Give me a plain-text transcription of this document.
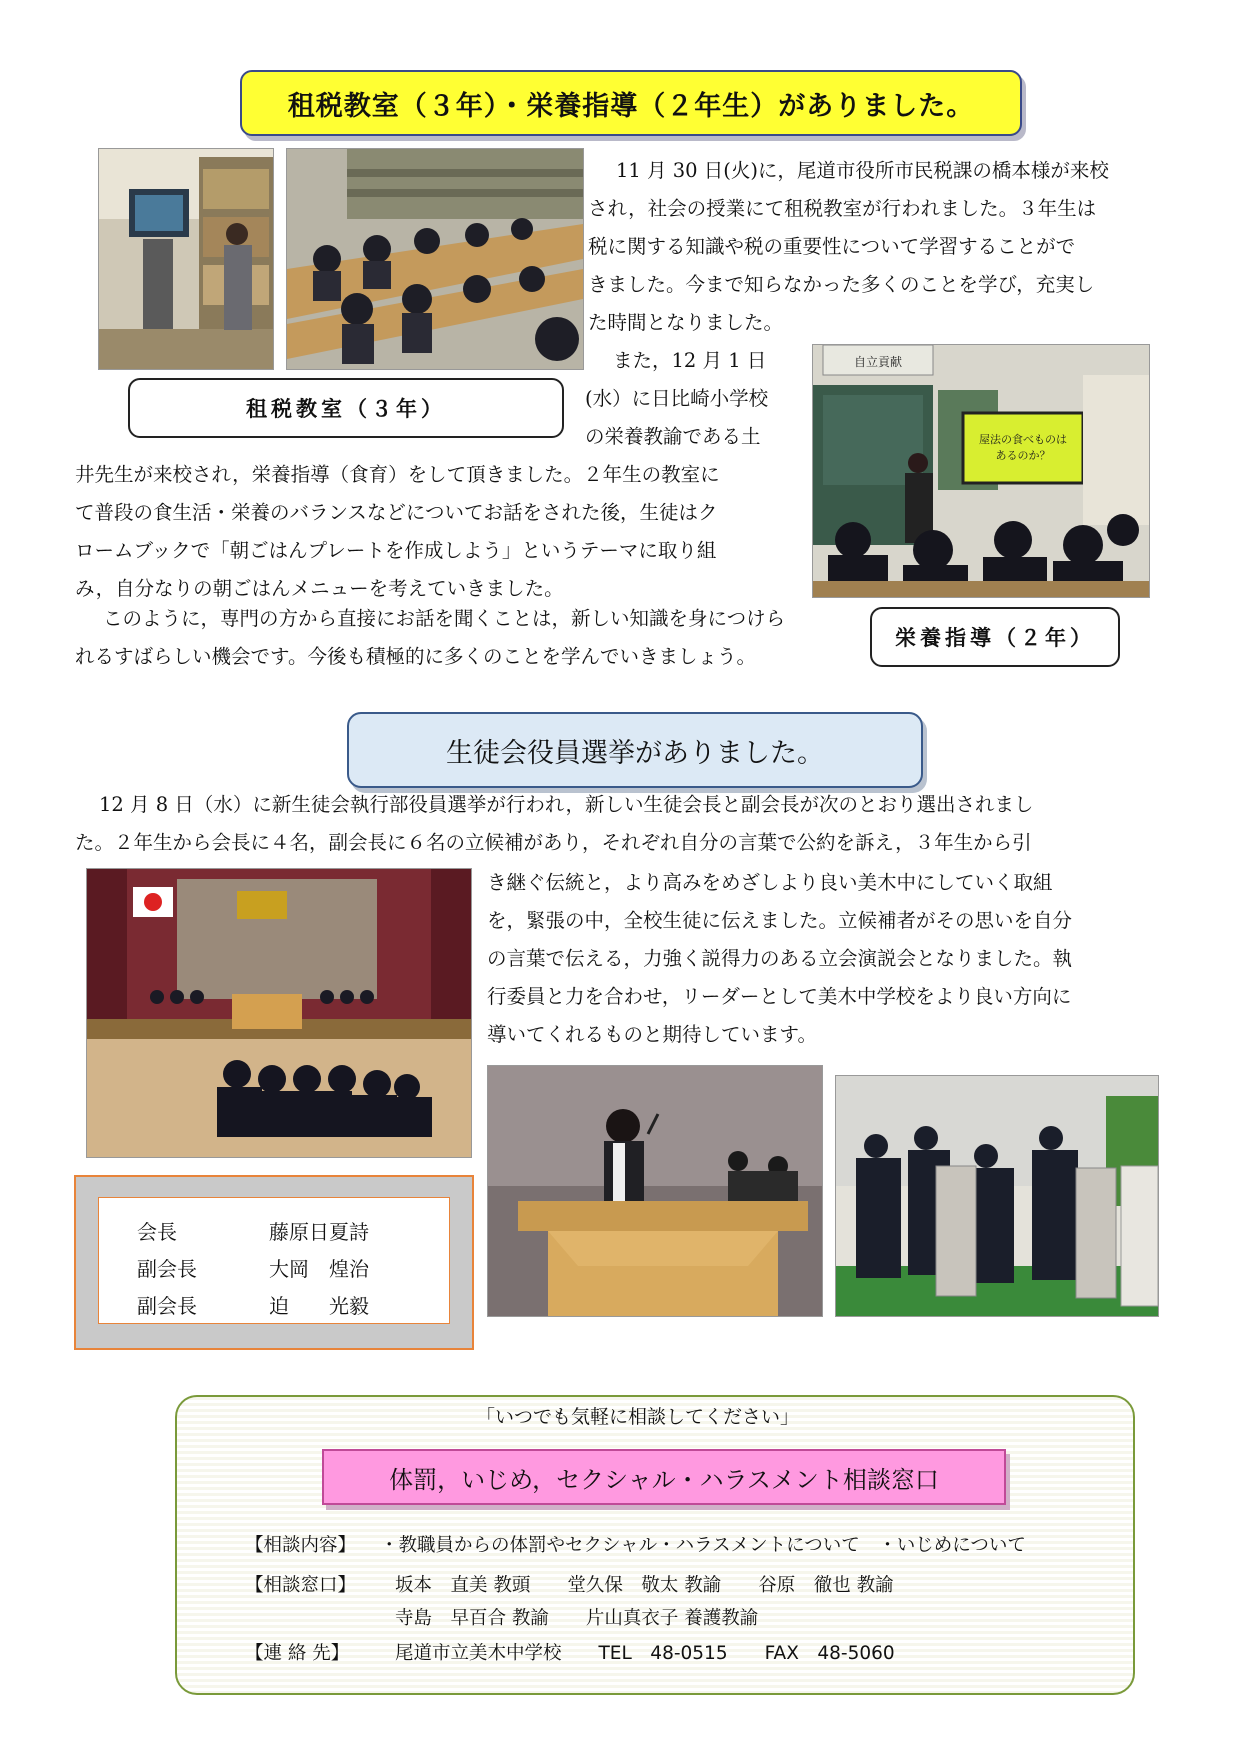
租税教室（３年）・栄養指導（２年生）がありました。
租税教室（３年）
11 月 30 日(火)に，尾道市役所市民税課の橋本様が来校
され，社会の授業にて租税教室が行われました。３年生は
税に関する知識や税の重要性について学習することがで
きました。今まで知らなかった多くのことを学び，充実し
た時間となりました。
また，12 月 1 日
(水）に日比崎小学校
の栄養教諭である土
自立貢献
屋法の食べものは
あるのか？
井先生が来校され，栄養指導（食育）をして頂きました。２年生の教室に
て普段の食生活・栄養のバランスなどについてお話をされた後，生徒はク
ロームブックで「朝ごはんプレートを作成しよう」というテーマに取り組
み，自分なりの朝ごはんメニューを考えていきました。
このように，専門の方から直接にお話を聞くことは，新しい知識を身につけら
れるすばらしい機会です。今後も積極的に多くのことを学んでいきましょう。
栄養指導（２年）
生徒会役員選挙がありました。
12 月 8 日（水）に新生徒会執行部役員選挙が行われ，新しい生徒会長と副会長が次のとおり選出されまし
た。２年生から会長に４名，副会長に６名の立候補があり，それぞれ自分の言葉で公約を訴え，３年生から引
き継ぐ伝統と，より高みをめざしより良い美木中にしていく取組
を，緊張の中，全校生徒に伝えました。立候補者がその思いを自分
の言葉で伝える，力強く説得力のある立会演説会となりました。執
行委員と力を合わせ，リーダーとして美木中学校をより良い方向に
導いてくれるものと期待しています。
会長	藤原日夏詩
副会長	大岡　煌治
副会長	迫　　光毅
「いつでも気軽に相談してください」
体罰，いじめ，セクシャル・ハラスメント相談窓口
【相談内容】 ・教職員からの体罰やセクシャル・ハラスメントについて　・いじめについて
【相談窓口】 坂本　直美 教頭　　堂久保　敬太 教諭　　谷原　徹也 教諭
寺島　早百合 教諭　　片山真衣子 養護教諭
【連 絡 先】 尾道市立美木中学校　　TEL　48-0515　　FAX　48-5060
